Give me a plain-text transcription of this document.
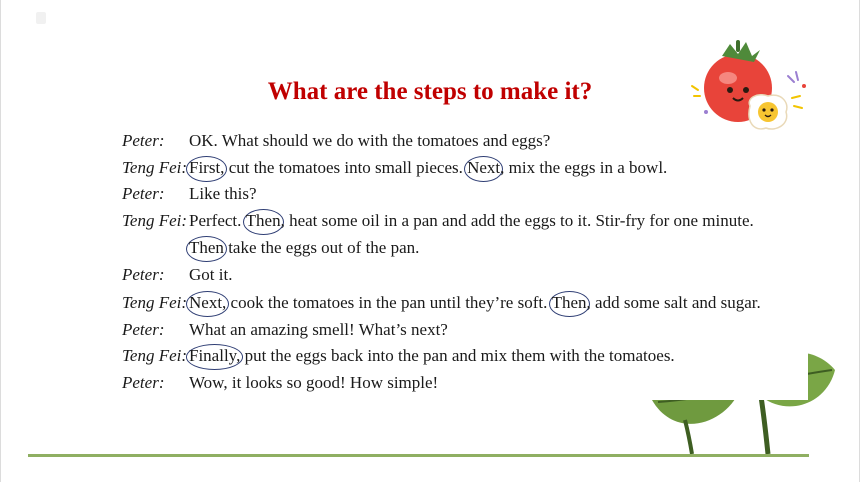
What are the steps to make it?
Peter: OK. What should we do with the tomatoes and eggs?
Teng Fei: First, cut the tomatoes into small pieces. Next, mix the eggs in a bowl.
Peter: Like this?
Teng Fei: Perfect. Then, heat some oil in a pan and add the eggs to it. Stir-fry for one minute.
Then take the eggs out of the pan.
Peter: Got it.
Teng Fei: Next, cook the tomatoes in the pan until they’re soft. Then, add some salt and sugar.
Peter: What an amazing smell! What’s next?
Teng Fei: Finally, put the eggs back into the pan and mix them with the tomatoes.
Peter: Wow, it looks so good! How simple!
